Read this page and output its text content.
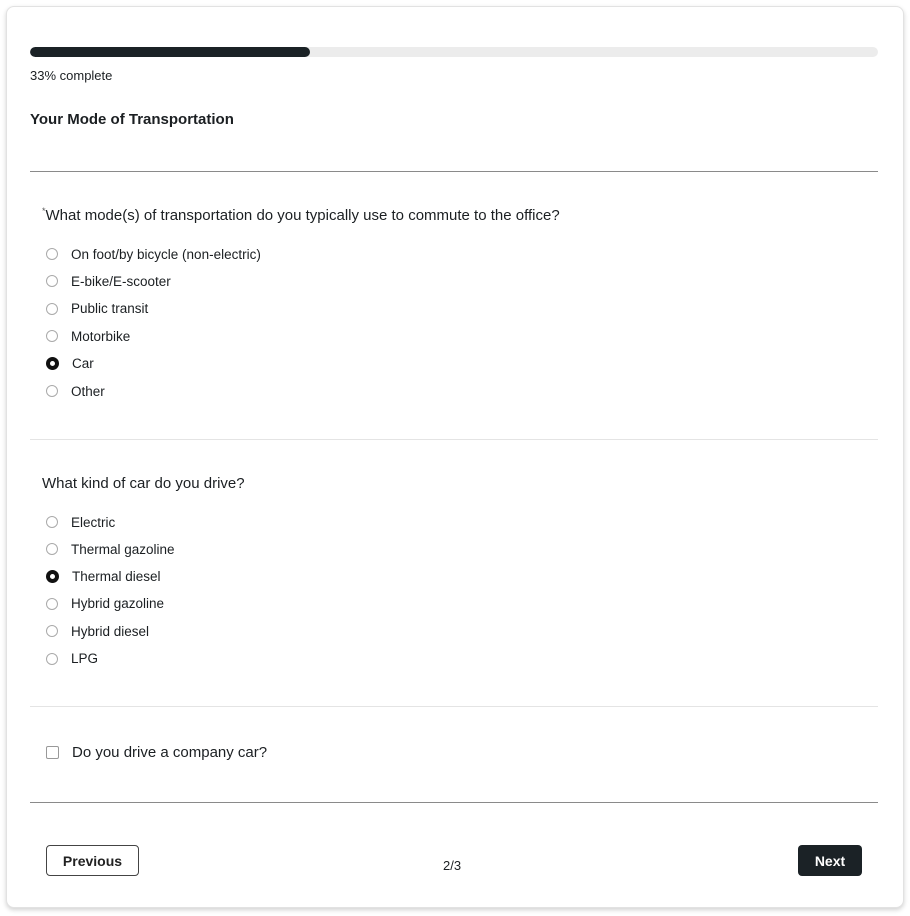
33% complete
Your Mode of Transportation
*What mode(s) of transportation do you typically use to commute to the office?
On foot/by bicycle (non-electric)
E-bike/E-scooter
Public transit
Motorbike
Car
Other
What kind of car do you drive?
Electric
Thermal gazoline
Thermal diesel
Hybrid gazoline
Hybrid diesel
LPG
Do you drive a company car?
Previous	2/3	Next
